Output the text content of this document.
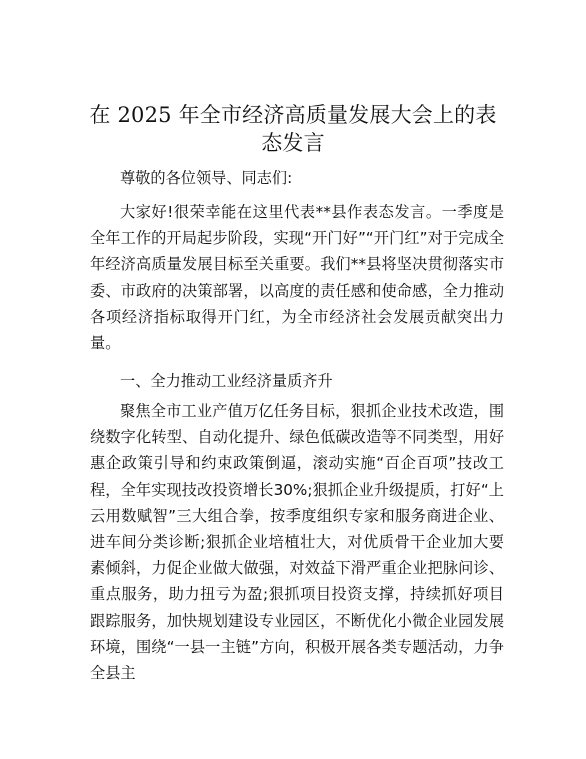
在 2025 年全市经济高质量发展大会上的表态发言

尊敬的各位领导、同志们:

大家好!很荣幸能在这里代表**县作表态发言。一季度是全年工作的开局起步阶段，实现“开门好”“开门红”对于完成全年经济高质量发展目标至关重要。我们**县将坚决贯彻落实市委、市政府的决策部署，以高度的责任感和使命感，全力推动各项经济指标取得开门红，为全市经济社会发展贡献突出力量。

一、全力推动工业经济量质齐升

聚焦全市工业产值万亿任务目标，狠抓企业技术改造，围绕数字化转型、自动化提升、绿色低碳改造等不同类型，用好惠企政策引导和约束政策倒逼，滚动实施“百企百项”技改工程，全年实现技改投资增长30%;狠抓企业升级提质，打好“上云用数赋智”三大组合拳，按季度组织专家和服务商进企业、进车间分类诊断;狠抓企业培植壮大，对优质骨干企业加大要素倾斜，力促企业做大做强，对效益下滑严重企业把脉问诊、重点服务，助力扭亏为盈;狠抓项目投资支撑，持续抓好项目跟踪服务，加快规划建设专业园区，不断优化小微企业园发展环境，围绕“一县一主链”方向，积极开展各类专题活动，力争全县主
